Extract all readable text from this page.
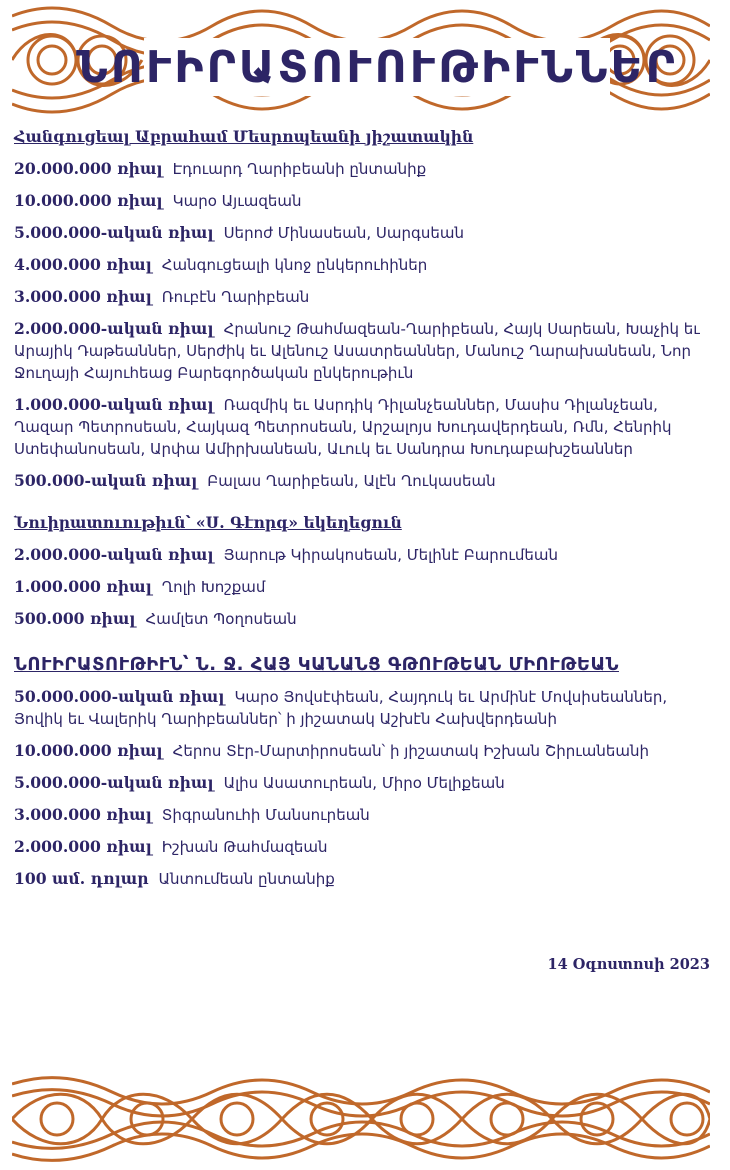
ՆՈՒԻՐԱՏՈՒՈՒԹԻՒՆՆԵՐ
Հանգուցեալ Աբրահամ Մեսրոպեանի յիշատակին
20.000.000 ռիալ Էդուարդ Ղարիբեանի ընտանիք
10.000.000 ռիալ Կարօ Այւազեան
5.000.000-ական ռիալ Սերոժ Մինասեան, Սարգսեան
4.000.000 ռիալ Հանգուցեալի կնոջ ընկերուհիներ
3.000.000 ռիալ Ռուբէն Ղարիբեան
2.000.000-ական ռիալ Հրանուշ Թահմազեան-Ղարիբեան, Հայկ Սարեան, Խաչիկ եւ Արայիկ Դաթեաններ, Սերժիկ եւ Ալենուշ Ասատրեաններ, Մանուշ Ղարախանեան, Նոր Ջուղայի Հայուհեաց Բարեգործական ընկերութիւն
1.000.000-ական ռիալ Ռազմիկ եւ Ասրդիկ Դիլանչեաններ, Մասիս Դիլանչեան, Ղազար Պետրոսեան, Հայկազ Պետրոսեան, Արշալոյս Խուդավերդեան, Ռմն, Հենրիկ Ստեփանոսեան, Արփա Ամիրխանեան, Աւուկ եւ Սանդրա Խուդաբախշեաններ
500.000-ական ռիալ Բալաս Ղարիբեան, Ալէն Ղուկասեան
Նուիրատուութիւն՝ «Ս. Գէորգ» եկեղեցուն
2.000.000-ական ռիալ Յարութ Կիրակոսեան, Մելինէ Բարումեան
1.000.000 ռիալ Ղոլի Խոշքամ
500.000 ռիալ Համլետ Պօղոսեան
ՆՈՒԻՐԱՏՈՒԹԻՒՆ՝ Ն. Ջ. ՀԱՅ ԿԱՆԱՆՑ ԳԹՈՒԹԵԱՆ ՄԻՈՒԹԵԱՆ
50.000.000-ական ռիալ Կարօ Յովսէփեան, Հայդուկ եւ Արմինէ Մովսիսեաններ, Յովիկ եւ Վալերիկ Ղարիբեաններ՝ ի յիշատակ Աշխէն Հախվերդեանի
10.000.000 ռիալ Հերոս Տէր-Մարտիրոսեան՝ ի յիշատակ Իշխան Շիրւանեանի
5.000.000-ական ռիալ Ալիս Ասատուրեան, Միրօ Մելիքեան
3.000.000 ռիալ Տիգրանուհի Մանսուրեան
2.000.000 ռիալ Իշխան Թահմազեան
100 ամ. դոլար Անտումեան ընտանիք
14 Օգոստոսի 2023
